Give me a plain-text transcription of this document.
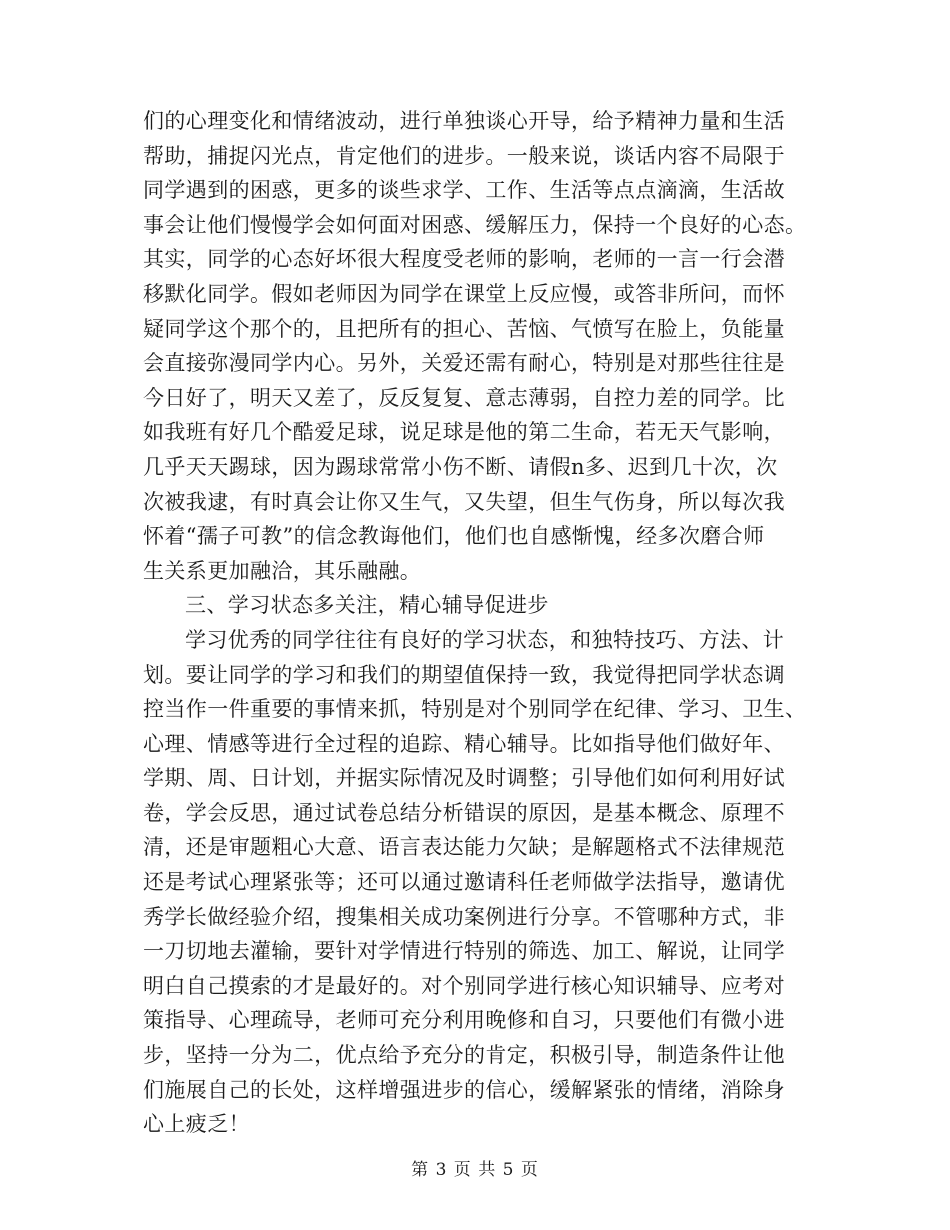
们的心理变化和情绪波动，进行单独谈心开导，给予精神力量和生活
帮助，捕捉闪光点，肯定他们的进步。一般来说，谈话内容不局限于
同学遇到的困惑，更多的谈些求学、工作、生活等点点滴滴，生活故
事会让他们慢慢学会如何面对困惑、缓解压力，保持一个良好的心态。
其实，同学的心态好坏很大程度受老师的影响，老师的一言一行会潜
移默化同学。假如老师因为同学在课堂上反应慢，或答非所问，而怀
疑同学这个那个的，且把所有的担心、苦恼、气愤写在脸上，负能量
会直接弥漫同学内心。另外，关爱还需有耐心，特别是对那些往往是
今日好了，明天又差了，反反复复、意志薄弱，自控力差的同学。比
如我班有好几个酷爱足球，说足球是他的第二生命，若无天气影响，
几乎天天踢球，因为踢球常常小伤不断、请假n多、迟到几十次，次
次被我逮，有时真会让你又生气，又失望，但生气伤身，所以每次我
怀着“孺子可教”的信念教诲他们，他们也自感惭愧，经多次磨合师
生关系更加融洽，其乐融融。
三、学习状态多关注，精心辅导促进步
学习优秀的同学往往有良好的学习状态，和独特技巧、方法、计
划。要让同学的学习和我们的期望值保持一致，我觉得把同学状态调
控当作一件重要的事情来抓，特别是对个别同学在纪律、学习、卫生、
心理、情感等进行全过程的追踪、精心辅导。比如指导他们做好年、
学期、周、日计划，并据实际情况及时调整；引导他们如何利用好试
卷，学会反思，通过试卷总结分析错误的原因，是基本概念、原理不
清，还是审题粗心大意、语言表达能力欠缺；是解题格式不法律规范
还是考试心理紧张等；还可以通过邀请科任老师做学法指导，邀请优
秀学长做经验介绍，搜集相关成功案例进行分享。不管哪种方式，非
一刀切地去灌输，要针对学情进行特别的筛选、加工、解说，让同学
明白自己摸索的才是最好的。对个别同学进行核心知识辅导、应考对
策指导、心理疏导，老师可充分利用晚修和自习，只要他们有微小进
步，坚持一分为二，优点给予充分的肯定，积极引导，制造条件让他
们施展自己的长处，这样增强进步的信心，缓解紧张的情绪，消除身
心上疲乏！
第 3 页 共 5 页
